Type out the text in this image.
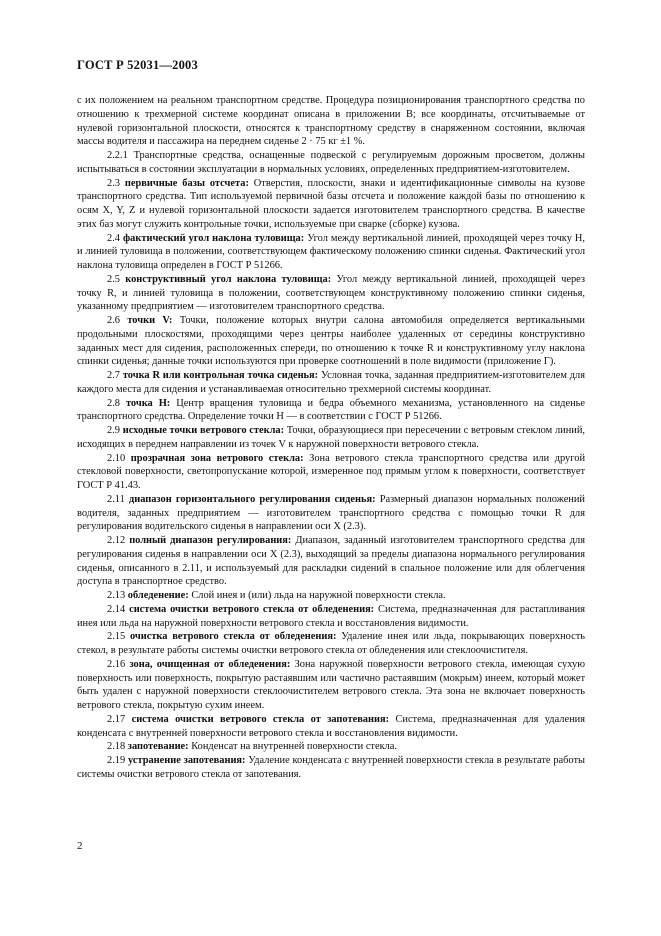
ГОСТ Р 52031—2003

с их положением на реальном транспортном средстве. Процедура позиционирования транспортного средства по отношению к трехмерной системе координат описана в приложении В; все координаты, отсчитываемые от нулевой горизонтальной плоскости, относятся к транспортному средству в снаряженном состоянии, включая массы водителя и пассажира на переднем сиденье 2 · 75 кг ±1 %.

2.2.1 Транспортные средства, оснащенные подвеской с регулируемым дорожным просветом, должны испытываться в состоянии эксплуатации в нормальных условиях, определенных предприятием-изготовителем.

2.3 первичные базы отсчета: Отверстия, плоскости, знаки и идентификационные символы на кузове транспортного средства. Тип используемой первичной базы отсчета и положение каждой базы по отношению к осям X, Y, Z и нулевой горизонтальной плоскости задается изготовителем транспортного средства. В качестве этих баз могут служить контрольные точки, используемые при сварке (сборке) кузова.

2.4 фактический угол наклона туловища: Угол между вертикальной линией, проходящей через точку H, и линией туловища в положении, соответствующем фактическому положению спинки сиденья. Фактический угол наклона туловища определен в ГОСТ Р 51266.

2.5 конструктивный угол наклона туловища: Угол между вертикальной линией, проходящей через точку R, и линией туловища в положении, соответствующем конструктивному положению спинки сиденья, указанному предприятием — изготовителем транспортного средства.

2.6 точки V: Точки, положение которых внутри салона автомобиля определяется вертикальными продольными плоскостями, проходящими через центры наиболее удаленных от середины конструктивно заданных мест для сидения, расположенных спереди, по отношению к точке R и конструктивному углу наклона спинки сиденья; данные точки используются при проверке соотношений в поле видимости (приложение Г).

2.7 точка R или контрольная точка сиденья: Условная точка, заданная предприятием-изготовителем для каждого места для сидения и устанавливаемая относительно трехмерной системы координат.

2.8 точка H: Центр вращения туловища и бедра объемного механизма, установленного на сиденье транспортного средства. Определение точки H — в соответствии с ГОСТ Р 51266.

2.9 исходные точки ветрового стекла: Точки, образующиеся при пересечении с ветровым стеклом линий, исходящих в переднем направлении из точек V к наружной поверхности ветрового стекла.

2.10 прозрачная зона ветрового стекла: Зона ветрового стекла транспортного средства или другой стекловой поверхности, светопропускание которой, измеренное под прямым углом к поверхности, соответствует ГОСТ Р 41.43.

2.11 диапазон горизонтального регулирования сиденья: Размерный диапазон нормальных положений водителя, заданных предприятием — изготовителем транспортного средства с помощью точки R для регулирования водительского сиденья в направлении оси X (2.3).

2.12 полный диапазон регулирования: Диапазон, заданный изготовителем транспортного средства для регулирования сиденья в направлении оси X (2.3), выходящий за пределы диапазона нормального регулирования сиденья, описанного в 2.11, и используемый для раскладки сидений в спальное положение или для облегчения доступа в транспортное средство.

2.13 обледенение: Слой инея и (или) льда на наружной поверхности стекла.

2.14 система очистки ветрового стекла от обледенения: Система, предназначенная для растапливания инея или льда на наружной поверхности ветрового стекла и восстановления видимости.

2.15 очистка ветрового стекла от обледенения: Удаление инея или льда, покрывающих поверхность стекол, в результате работы системы очистки ветрового стекла от обледенения или стеклоочистителя.

2.16 зона, очищенная от обледенения: Зона наружной поверхности ветрового стекла, имеющая сухую поверхность или поверхность, покрытую растаявшим или частично растаявшим (мокрым) инеем, который может быть удален с наружной поверхности стеклоочистителем ветрового стекла. Эта зона не включает поверхность ветрового стекла, покрытую сухим инеем.

2.17 система очистки ветрового стекла от запотевания: Система, предназначенная для удаления конденсата с внутренней поверхности ветрового стекла и восстановления видимости.

2.18 запотевание: Конденсат на внутренней поверхности стекла.

2.19 устранение запотевания: Удаление конденсата с внутренней поверхности стекла в результате работы системы очистки ветрового стекла от запотевания.

2
